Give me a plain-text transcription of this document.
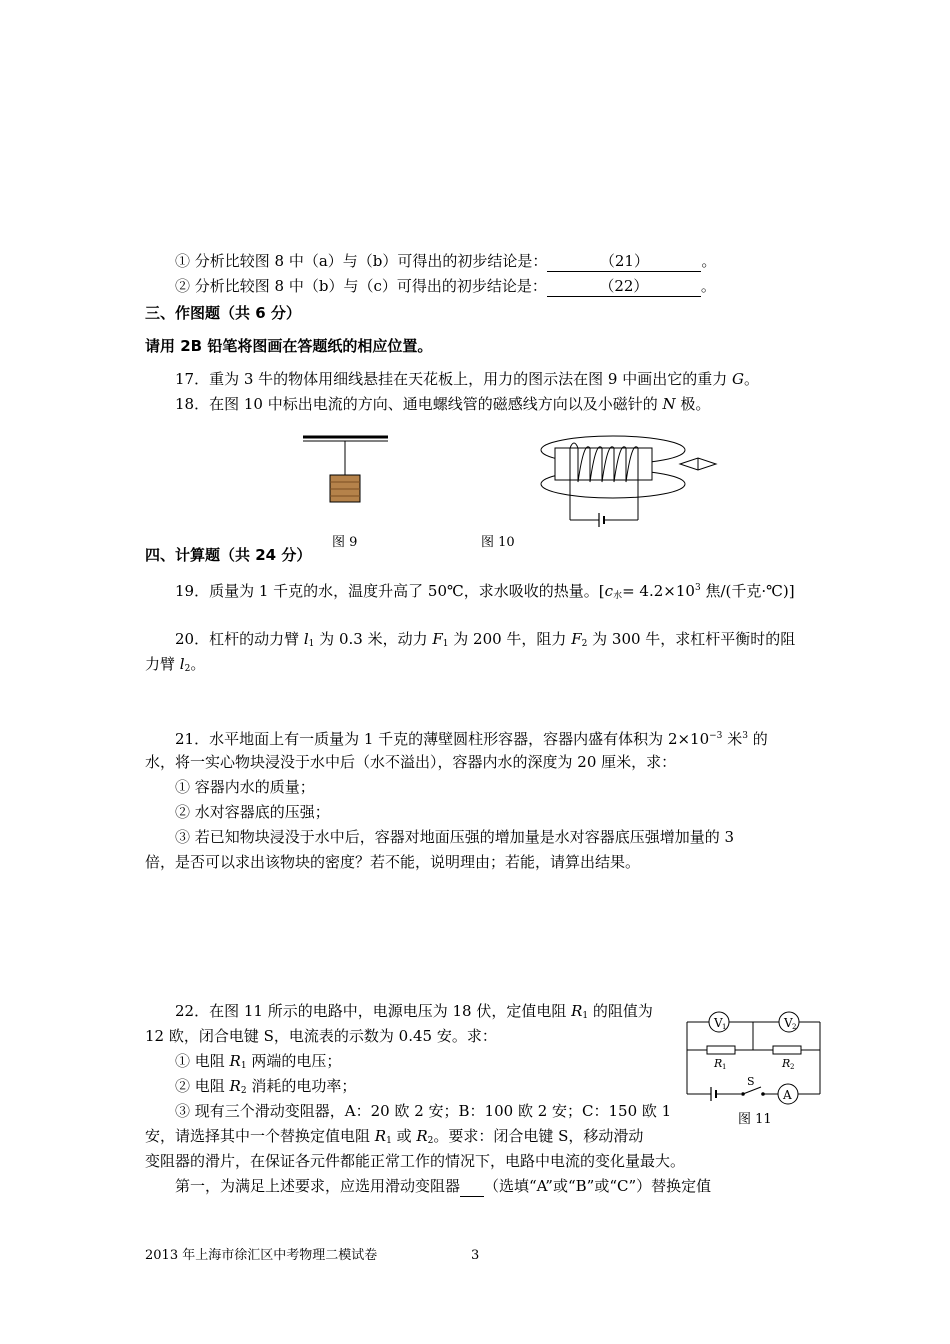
① 分析比较图 8 中（a）与（b）可得出的初步结论是：	（21）	。
② 分析比较图 8 中（b）与（c）可得出的初步结论是：	（22）	。
三、作图题（共 6 分）
请用 2B 铅笔将图画在答题纸的相应位置。
17．重为 3 牛的物体用细线悬挂在天花板上，用力的图示法在图 9 中画出它的重力 G。
18．在图 10 中标出电流的方向、通电螺线管的磁感线方向以及小磁针的 N 极。
图 9	图 10
四、计算题（共 24 分）
19．质量为 1 千克的水，温度升高了 50℃，求水吸收的热量。[$c_水= 4.2\times 10^3$ 焦/(千克·℃)]
20．杠杆的动力臂 $l_1$ 为 0.3 米，动力 $F_1$ 为 200 牛，阻力 $F_2$ 为 300 牛，求杠杆平衡时的阻
力臂 $l_2$。
21．水平地面上有一质量为 1 千克的薄壁圆柱形容器，容器内盛有体积为 $2\times 10^{-3}$ 米$^3$ 的
水，将一实心物块浸没于水中后（水不溢出），容器内水的深度为 20 厘米，求：
① 容器内水的质量；
② 水对容器底的压强；
③ 若已知物块浸没于水中后，容器对地面压强的增加量是水对容器底压强增加量的 3
倍，是否可以求出该物块的密度？若不能，说明理由；若能，请算出结果。
22．在图 11 所示的电路中，电源电压为 18 伏，定值电阻 $R_1$ 的阻值为
12 欧，闭合电键 S，电流表的示数为 0.45 安。求：
① 电阻 $R_1$ 两端的电压；
② 电阻 $R_2$ 消耗的电功率；
③ 现有三个滑动变阻器，A：20 欧 2 安；B：100 欧 2 安；C：150 欧 1
安，请选择其中一个替换定值电阻 $R_1$ 或 $R_2$。要求：闭合电键 S，移动滑动
变阻器的滑片，在保证各元件都能正常工作的情况下，电路中电流的变化量最大。
第一，为满足上述要求，应选用滑动变阻器 （选填“A”或“B”或“C”）替换定值
V 1	V 2
A
R 1	R 2
S
图 11
2013 年上海市徐汇区中考物理二模试卷	3
